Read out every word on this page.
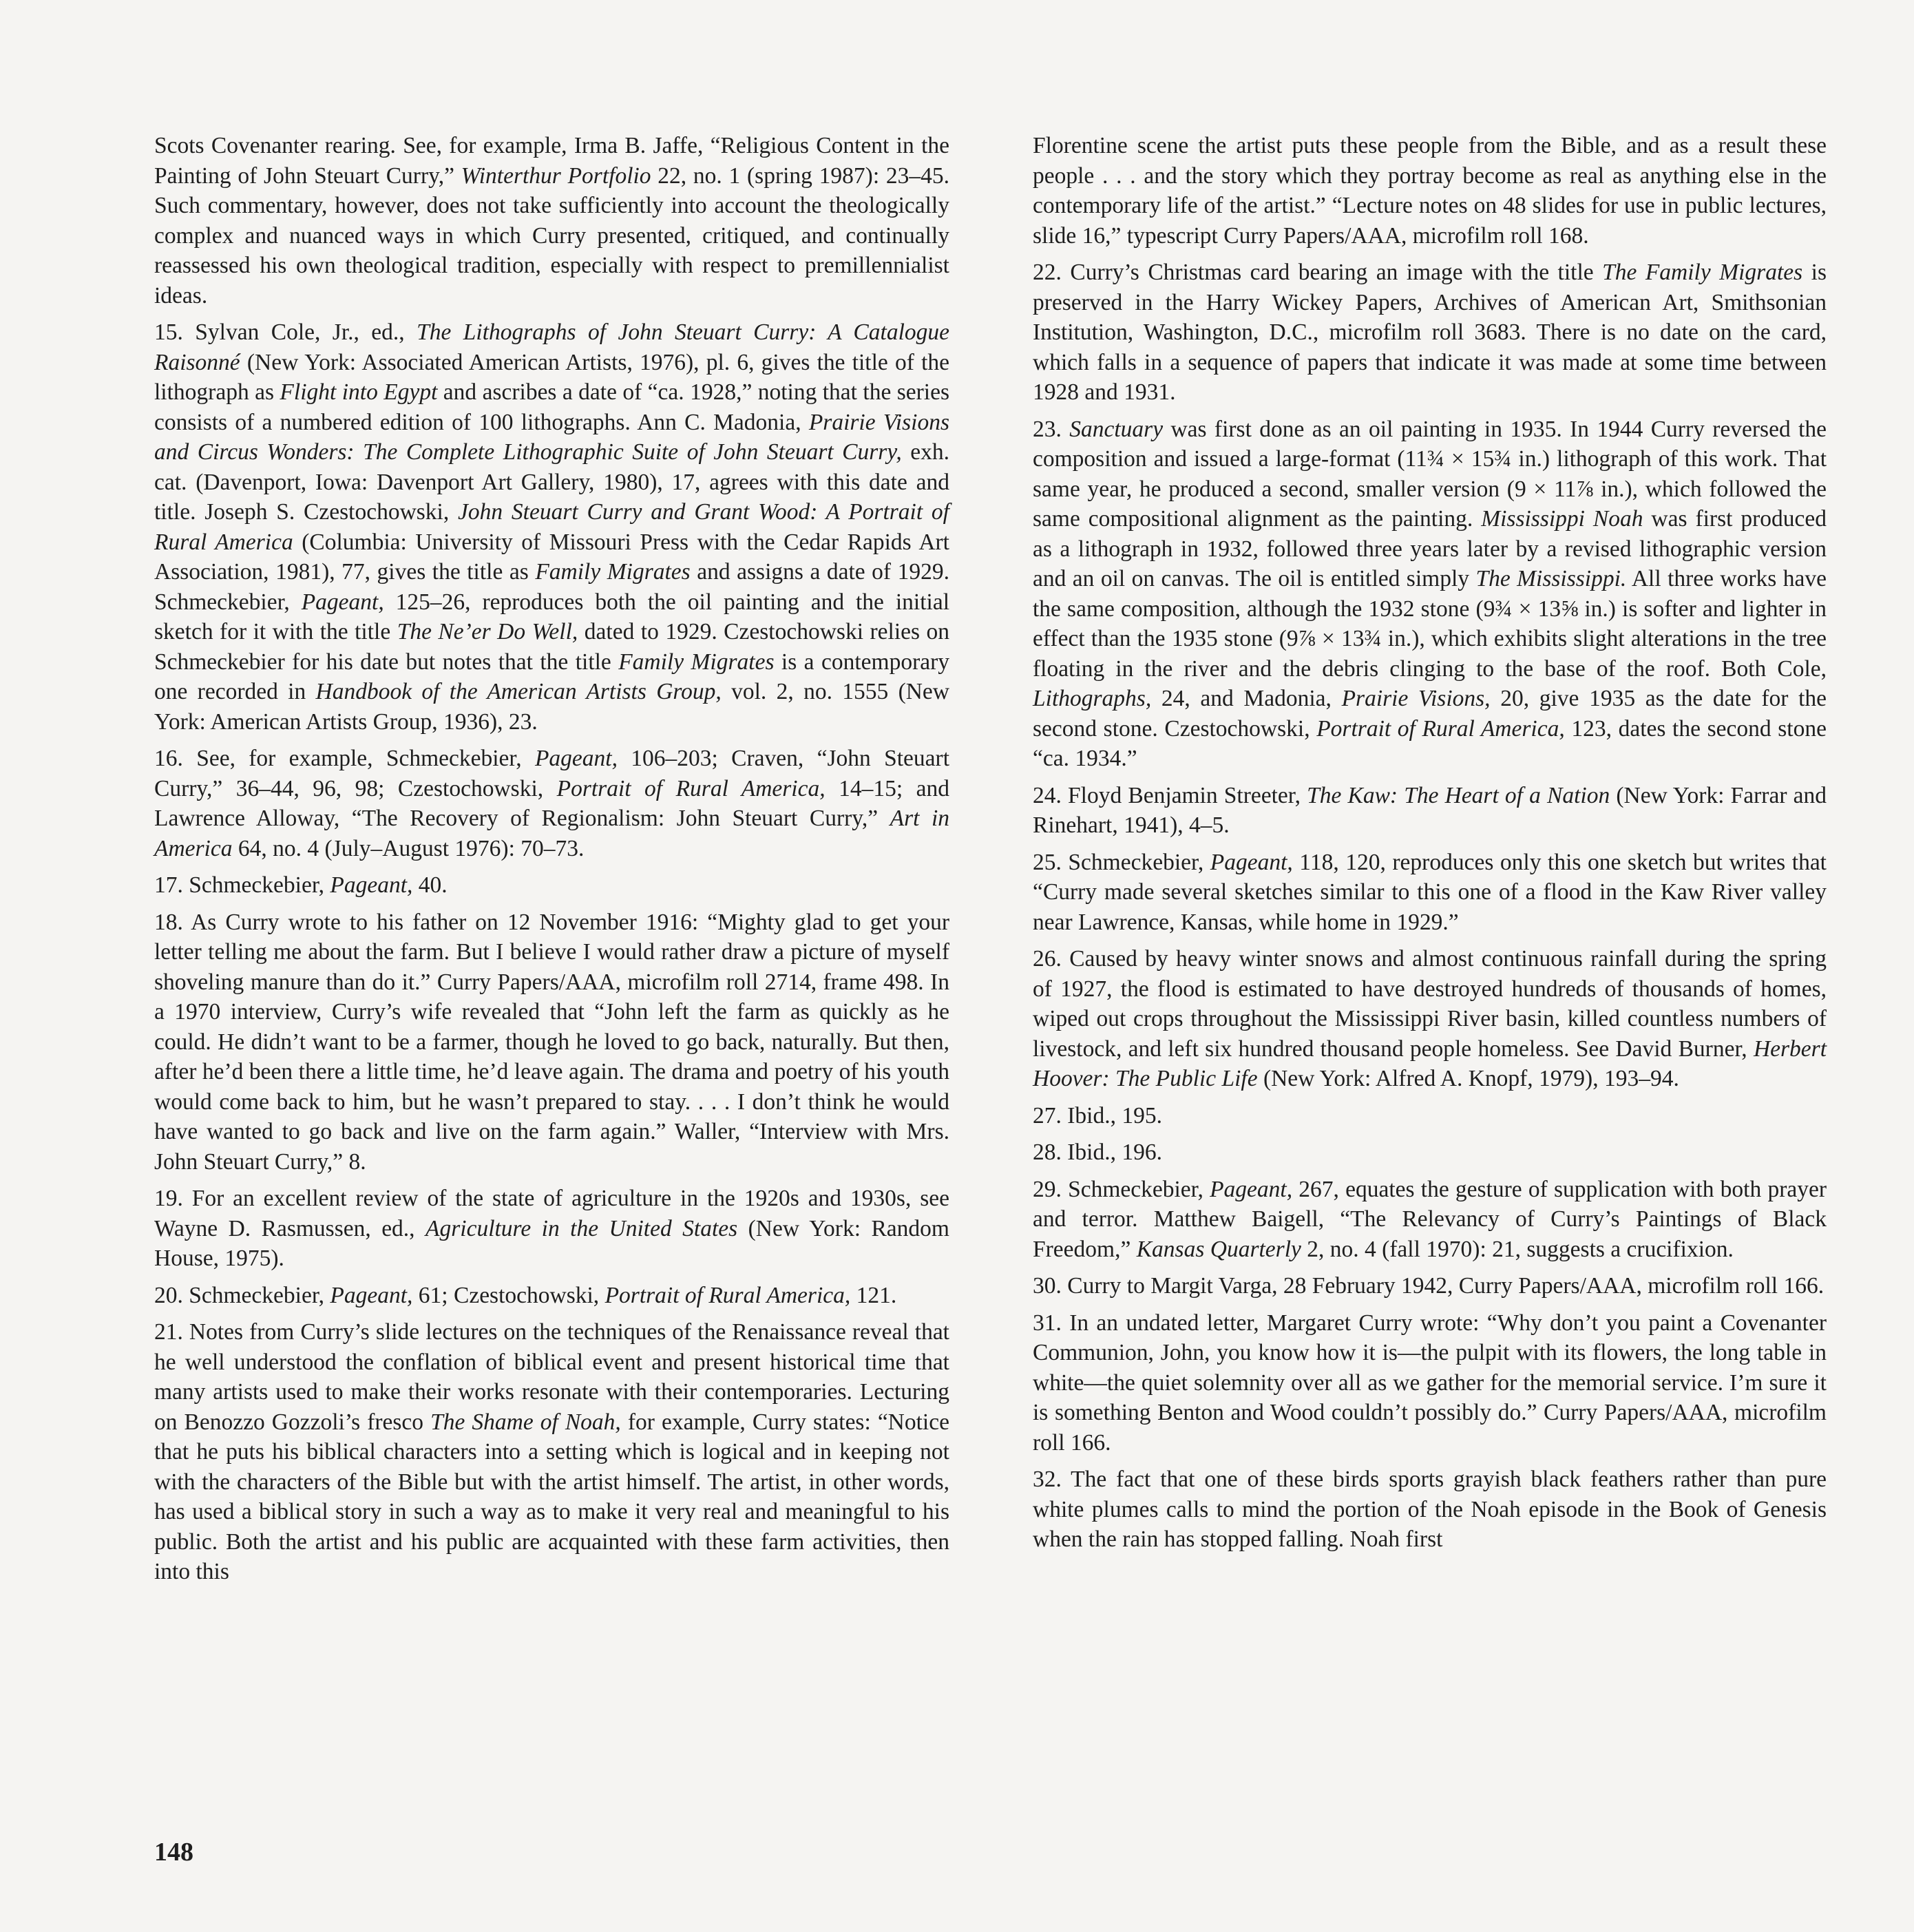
Scots Covenanter rearing. See, for example, Irma B. Jaffe, “Religious Content in the Painting of John Steuart Curry,” Winterthur Portfolio 22, no. 1 (spring 1987): 23–45. Such commentary, however, does not take sufficiently into account the theologically complex and nuanced ways in which Curry presented, critiqued, and continually reassessed his own theological tradition, especially with respect to premillennialist ideas.

15. Sylvan Cole, Jr., ed., The Lithographs of John Steuart Curry: A Catalogue Raisonné (New York: Associated American Artists, 1976), pl. 6, gives the title of the lithograph as Flight into Egypt and ascribes a date of “ca. 1928,” noting that the series consists of a numbered edition of 100 lithographs. Ann C. Madonia, Prairie Visions and Circus Wonders: The Complete Lithographic Suite of John Steuart Curry, exh. cat. (Davenport, Iowa: Davenport Art Gallery, 1980), 17, agrees with this date and title. Joseph S. Czestochowski, John Steuart Curry and Grant Wood: A Portrait of Rural America (Columbia: University of Missouri Press with the Cedar Rapids Art Association, 1981), 77, gives the title as Family Migrates and assigns a date of 1929. Schmeckebier, Pageant, 125–26, reproduces both the oil painting and the initial sketch for it with the title The Ne’er Do Well, dated to 1929. Czestochowski relies on Schmeckebier for his date but notes that the title Family Migrates is a contemporary one recorded in Handbook of the American Artists Group, vol. 2, no. 1555 (New York: American Artists Group, 1936), 23.

16. See, for example, Schmeckebier, Pageant, 106–203; Craven, “John Steuart Curry,” 36–44, 96, 98; Czestochowski, Portrait of Rural America, 14–15; and Lawrence Alloway, “The Recovery of Regionalism: John Steuart Curry,” Art in America 64, no. 4 (July–August 1976): 70–73.

17. Schmeckebier, Pageant, 40.

18. As Curry wrote to his father on 12 November 1916: “Mighty glad to get your letter telling me about the farm. But I believe I would rather draw a picture of myself shoveling manure than do it.” Curry Papers/AAA, microfilm roll 2714, frame 498. In a 1970 interview, Curry’s wife revealed that “John left the farm as quickly as he could. He didn’t want to be a farmer, though he loved to go back, naturally. But then, after he’d been there a little time, he’d leave again. The drama and poetry of his youth would come back to him, but he wasn’t prepared to stay. . . . I don’t think he would have wanted to go back and live on the farm again.” Waller, “Interview with Mrs. John Steuart Curry,” 8.

19. For an excellent review of the state of agriculture in the 1920s and 1930s, see Wayne D. Rasmussen, ed., Agriculture in the United States (New York: Random House, 1975).

20. Schmeckebier, Pageant, 61; Czestochowski, Portrait of Rural America, 121.

21. Notes from Curry’s slide lectures on the techniques of the Renaissance reveal that he well understood the conflation of biblical event and present historical time that many artists used to make their works resonate with their contemporaries. Lecturing on Benozzo Gozzoli’s fresco The Shame of Noah, for example, Curry states: “Notice that he puts his biblical characters into a setting which is logical and in keeping not with the characters of the Bible but with the artist himself. The artist, in other words, has used a biblical story in such a way as to make it very real and meaningful to his public. Both the artist and his public are acquainted with these farm activities, then into this

Florentine scene the artist puts these people from the Bible, and as a result these people . . . and the story which they portray become as real as anything else in the contemporary life of the artist.” “Lecture notes on 48 slides for use in public lectures, slide 16,” typescript Curry Papers/AAA, microfilm roll 168.

22. Curry’s Christmas card bearing an image with the title The Family Migrates is preserved in the Harry Wickey Papers, Archives of American Art, Smithsonian Institution, Washington, D.C., microfilm roll 3683. There is no date on the card, which falls in a sequence of papers that indicate it was made at some time between 1928 and 1931.

23. Sanctuary was first done as an oil painting in 1935. In 1944 Curry reversed the composition and issued a large-format (11¾ × 15¾ in.) lithograph of this work. That same year, he produced a second, smaller version (9 × 11⅞ in.), which followed the same compositional alignment as the painting. Mississippi Noah was first produced as a lithograph in 1932, followed three years later by a revised lithographic version and an oil on canvas. The oil is entitled simply The Mississippi. All three works have the same composition, although the 1932 stone (9¾ × 13⅝ in.) is softer and lighter in effect than the 1935 stone (9⅞ × 13¾ in.), which exhibits slight alterations in the tree floating in the river and the debris clinging to the base of the roof. Both Cole, Lithographs, 24, and Madonia, Prairie Visions, 20, give 1935 as the date for the second stone. Czestochowski, Portrait of Rural America, 123, dates the second stone “ca. 1934.”

24. Floyd Benjamin Streeter, The Kaw: The Heart of a Nation (New York: Farrar and Rinehart, 1941), 4–5.

25. Schmeckebier, Pageant, 118, 120, reproduces only this one sketch but writes that “Curry made several sketches similar to this one of a flood in the Kaw River valley near Lawrence, Kansas, while home in 1929.”

26. Caused by heavy winter snows and almost continuous rainfall during the spring of 1927, the flood is estimated to have destroyed hundreds of thousands of homes, wiped out crops throughout the Mississippi River basin, killed countless numbers of livestock, and left six hundred thousand people homeless. See David Burner, Herbert Hoover: The Public Life (New York: Alfred A. Knopf, 1979), 193–94.

27. Ibid., 195.

28. Ibid., 196.

29. Schmeckebier, Pageant, 267, equates the gesture of supplication with both prayer and terror. Matthew Baigell, “The Relevancy of Curry’s Paintings of Black Freedom,” Kansas Quarterly 2, no. 4 (fall 1970): 21, suggests a crucifixion.

30. Curry to Margit Varga, 28 February 1942, Curry Papers/AAA, microfilm roll 166.

31. In an undated letter, Margaret Curry wrote: “Why don’t you paint a Covenanter Communion, John, you know how it is—the pulpit with its flowers, the long table in white—the quiet solemnity over all as we gather for the memorial service. I’m sure it is something Benton and Wood couldn’t possibly do.” Curry Papers/AAA, microfilm roll 166.

32. The fact that one of these birds sports grayish black feathers rather than pure white plumes calls to mind the portion of the Noah episode in the Book of Genesis when the rain has stopped falling. Noah first

148
